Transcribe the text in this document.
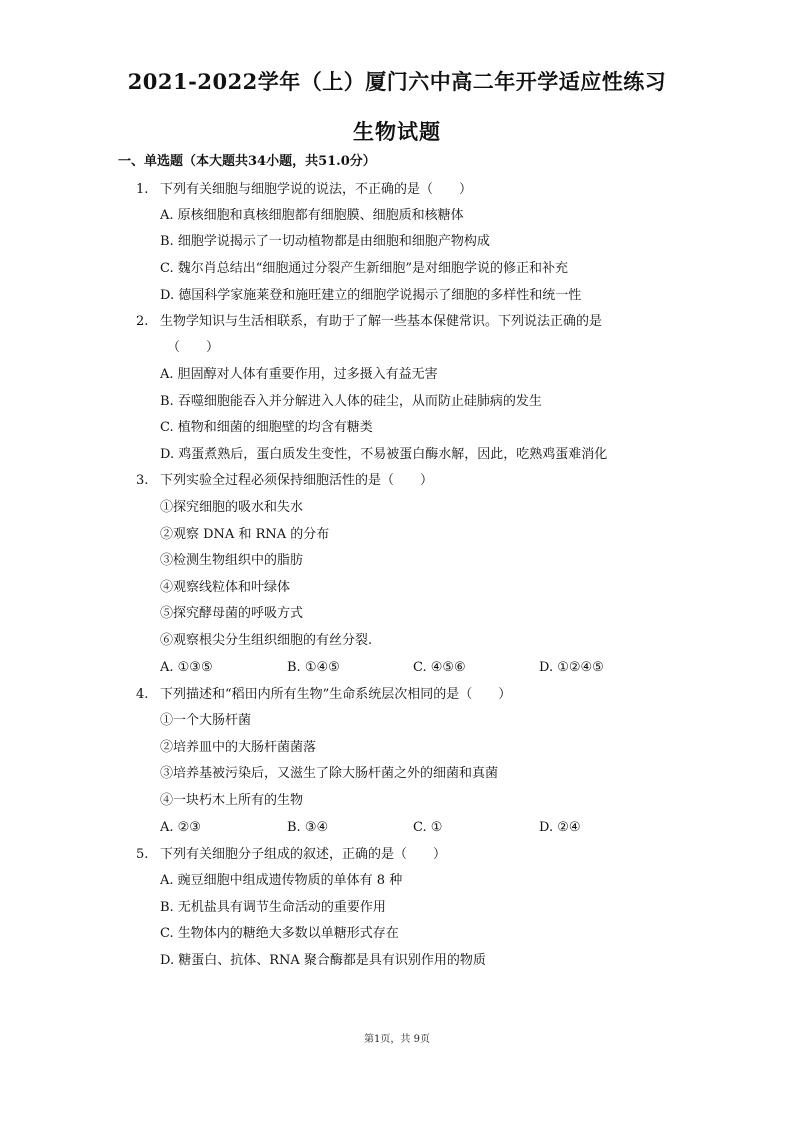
2021-2022学年（上）厦门六中高二年开学适应性练习
生物试题
一、单选题（本大题共34小题，共51.0分）
1. 下列有关细胞与细胞学说的说法，不正确的是（　　）
A. 原核细胞和真核细胞都有细胞膜、细胞质和核糖体
B. 细胞学说揭示了一切动植物都是由细胞和细胞产物构成
C. 魏尔肖总结出“细胞通过分裂产生新细胞”是对细胞学说的修正和补充
D. 德国科学家施莱登和施旺建立的细胞学说揭示了细胞的多样性和统一性
2. 生物学知识与生活相联系，有助于了解一些基本保健常识。下列说法正确的是
（　　）
A. 胆固醇对人体有重要作用，过多摄入有益无害
B. 吞噬细胞能吞入并分解进入人体的硅尘，从而防止硅肺病的发生
C. 植物和细菌的细胞壁的均含有糖类
D. 鸡蛋煮熟后，蛋白质发生变性，不易被蛋白酶水解，因此，吃熟鸡蛋难消化
3. 下列实验全过程必须保持细胞活性的是（　　）
①探究细胞的吸水和失水
②观察 DNA 和 RNA 的分布
③检测生物组织中的脂肪
④观察线粒体和叶绿体
⑤探究酵母菌的呼吸方式
⑥观察根尖分生组织细胞的有丝分裂.
A. ①③⑤	B. ①④⑤	C. ④⑤⑥	D. ①②④⑤
4. 下列描述和“稻田内所有生物”生命系统层次相同的是（　　）
①一个大肠杆菌
②培养皿中的大肠杆菌菌落
③培养基被污染后，又滋生了除大肠杆菌之外的细菌和真菌
④一块朽木上所有的生物
A. ②③	B. ③④	C. ①	D. ②④
5. 下列有关细胞分子组成的叙述，正确的是（　　）
A. 豌豆细胞中组成遗传物质的单体有 8 种
B. 无机盐具有调节生命活动的重要作用
C. 生物体内的糖绝大多数以单糖形式存在
D. 糖蛋白、抗体、RNA 聚合酶都是具有识别作用的物质
第1页，共 9页
